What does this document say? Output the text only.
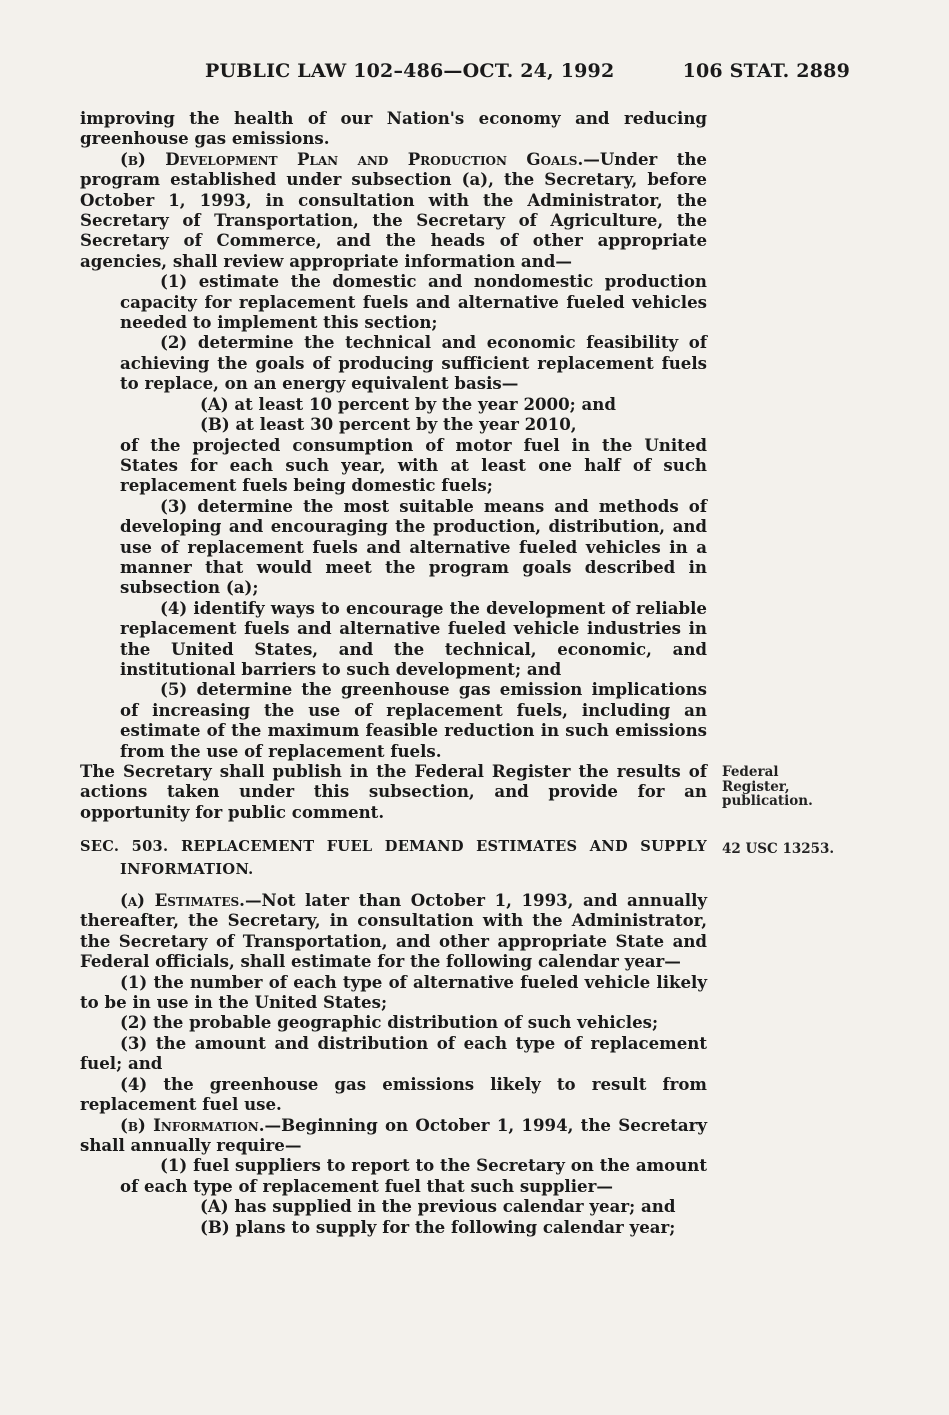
PUBLIC LAW 102–486—OCT. 24, 1992	106 STAT. 2889

improving the health of our Nation's economy and reducing greenhouse gas emissions.

(b) Development Plan and Production Goals.—Under the program established under subsection (a), the Secretary, before October 1, 1993, in consultation with the Administrator, the Secretary of Transportation, the Secretary of Agriculture, the Secretary of Commerce, and the heads of other appropriate agencies, shall review appropriate information and—

(1) estimate the domestic and nondomestic production capacity for replacement fuels and alternative fueled vehicles needed to implement this section;

(2) determine the technical and economic feasibility of achieving the goals of producing sufficient replacement fuels to replace, on an energy equivalent basis—

(A) at least 10 percent by the year 2000; and

(B) at least 30 percent by the year 2010,

of the projected consumption of motor fuel in the United States for each such year, with at least one half of such replacement fuels being domestic fuels;

(3) determine the most suitable means and methods of developing and encouraging the production, distribution, and use of replacement fuels and alternative fueled vehicles in a manner that would meet the program goals described in subsection (a);

(4) identify ways to encourage the development of reliable replacement fuels and alternative fueled vehicle industries in the United States, and the technical, economic, and institutional barriers to such development; and

(5) determine the greenhouse gas emission implications of increasing the use of replacement fuels, including an estimate of the maximum feasible reduction in such emissions from the use of replacement fuels.

The Secretary shall publish in the Federal Register the results of actions taken under this subsection, and provide for an opportunity for public comment.

SEC. 503. REPLACEMENT FUEL DEMAND ESTIMATES AND SUPPLY INFORMATION.

(a) Estimates.—Not later than October 1, 1993, and annually thereafter, the Secretary, in consultation with the Administrator, the Secretary of Transportation, and other appropriate State and Federal officials, shall estimate for the following calendar year—

(1) the number of each type of alternative fueled vehicle likely to be in use in the United States;

(2) the probable geographic distribution of such vehicles;

(3) the amount and distribution of each type of replacement fuel; and

(4) the greenhouse gas emissions likely to result from replacement fuel use.

(b) Information.—Beginning on October 1, 1994, the Secretary shall annually require—

(1) fuel suppliers to report to the Secretary on the amount of each type of replacement fuel that such supplier—

(A) has supplied in the previous calendar year; and

(B) plans to supply for the following calendar year;

Federal Register, publication.
42 USC 13253.
